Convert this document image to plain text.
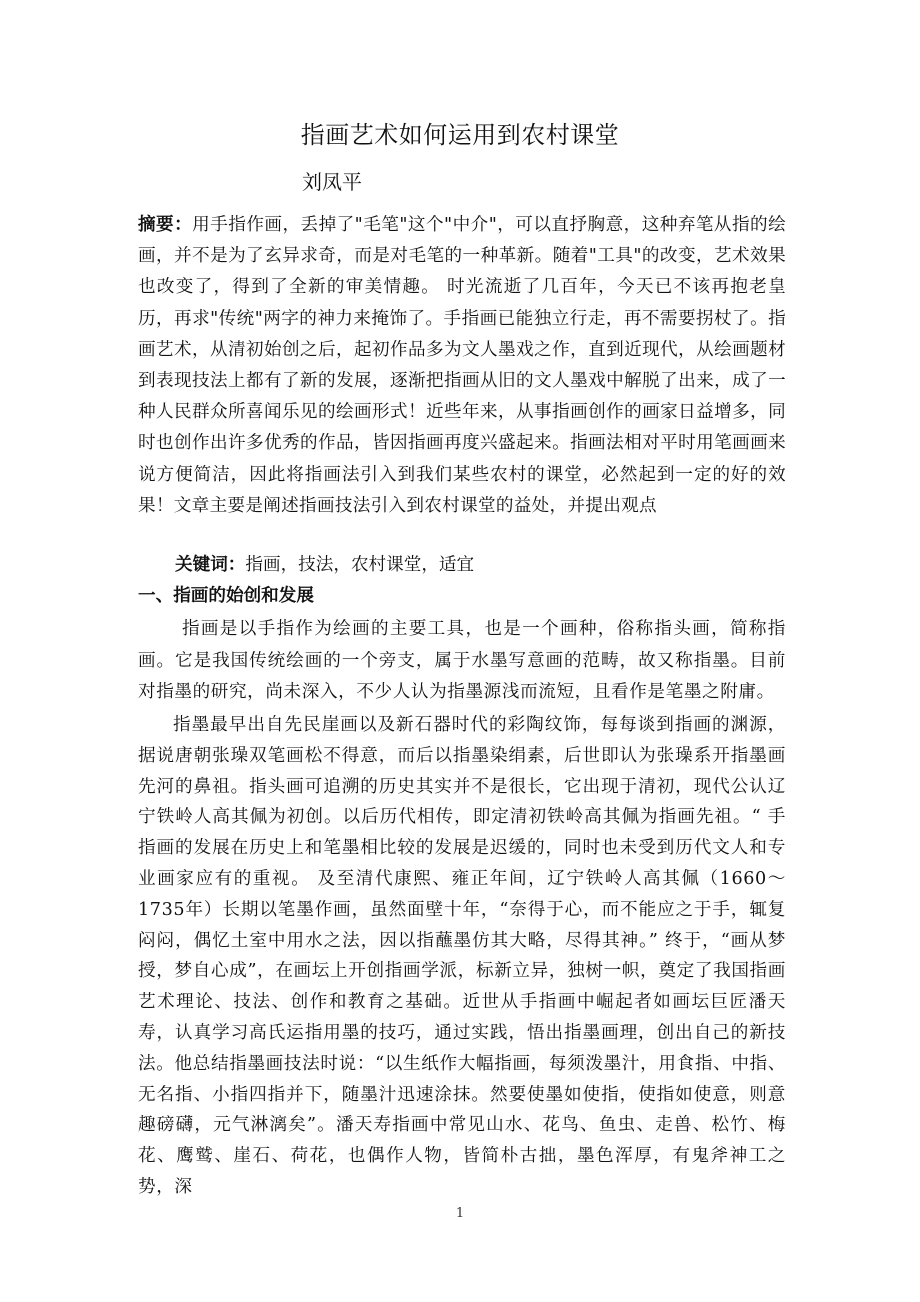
指画艺术如何运用到农村课堂
刘凤平
摘要：用手指作画，丢掉了"毛笔"这个"中介"，可以直抒胸意，这种弃笔从指的绘画，并不是为了玄异求奇，而是对毛笔的一种革新。随着"工具"的改变，艺术效果也改变了，得到了全新的审美情趣。 时光流逝了几百年，今天已不该再抱老皇历，再求"传统"两字的神力来掩饰了。手指画已能独立行走，再不需要拐杖了。指画艺术，从清初始创之后，起初作品多为文人墨戏之作，直到近现代，从绘画题材到表现技法上都有了新的发展，逐渐把指画从旧的文人墨戏中解脱了出来，成了一种人民群众所喜闻乐见的绘画形式！近些年来，从事指画创作的画家日益增多，同时也创作出许多优秀的作品，皆因指画再度兴盛起来。指画法相对平时用笔画画来说方便简洁，因此将指画法引入到我们某些农村的课堂，必然起到一定的好的效果！文章主要是阐述指画技法引入到农村课堂的益处，并提出观点
关键词：指画，技法，农村课堂，适宜
一、指画的始创和发展
指画是以手指作为绘画的主要工具，也是一个画种，俗称指头画，简称指画。它是我国传统绘画的一个旁支，属于水墨写意画的范畴，故又称指墨。目前对指墨的研究，尚未深入，不少人认为指墨源浅而流短，且看作是笔墨之附庸。
指墨最早出自先民崖画以及新石器时代的彩陶纹饰，每每谈到指画的渊源，据说唐朝张璪双笔画松不得意，而后以指墨染绢素，后世即认为张璪系开指墨画先河的鼻祖。指头画可追溯的历史其实并不是很长，它出现于清初，现代公认辽宁铁岭人高其佩为初创。以后历代相传，即定清初铁岭高其佩为指画先祖。“ 手指画的发展在历史上和笔墨相比较的发展是迟缓的，同时也未受到历代文人和专业画家应有的重视。 及至清代康熙、雍正年间，辽宁铁岭人高其佩（1660～1735年）长期以笔墨作画，虽然面壁十年，“奈得于心，而不能应之于手，辄复闷闷，偶忆土室中用水之法，因以指蘸墨仿其大略，尽得其神。” 终于，“画从梦授，梦自心成”，在画坛上开创指画学派，标新立异，独树一帜，奠定了我国指画艺术理论、技法、创作和教育之基础。近世从手指画中崛起者如画坛巨匠潘天寿，认真学习高氏运指用墨的技巧，通过实践，悟出指墨画理，创出自己的新技法。他总结指墨画技法时说：“以生纸作大幅指画，每须泼墨汁，用食指、中指、无名指、小指四指并下，随墨汁迅速涂抹。然要使墨如使指，使指如使意，则意趣磅礴，元气淋漓矣”。潘天寿指画中常见山水、花鸟、鱼虫、走兽、松竹、梅花、鹰鹫、崖石、荷花，也偶作人物，皆简朴古拙，墨色浑厚，有鬼斧神工之势，深
1
